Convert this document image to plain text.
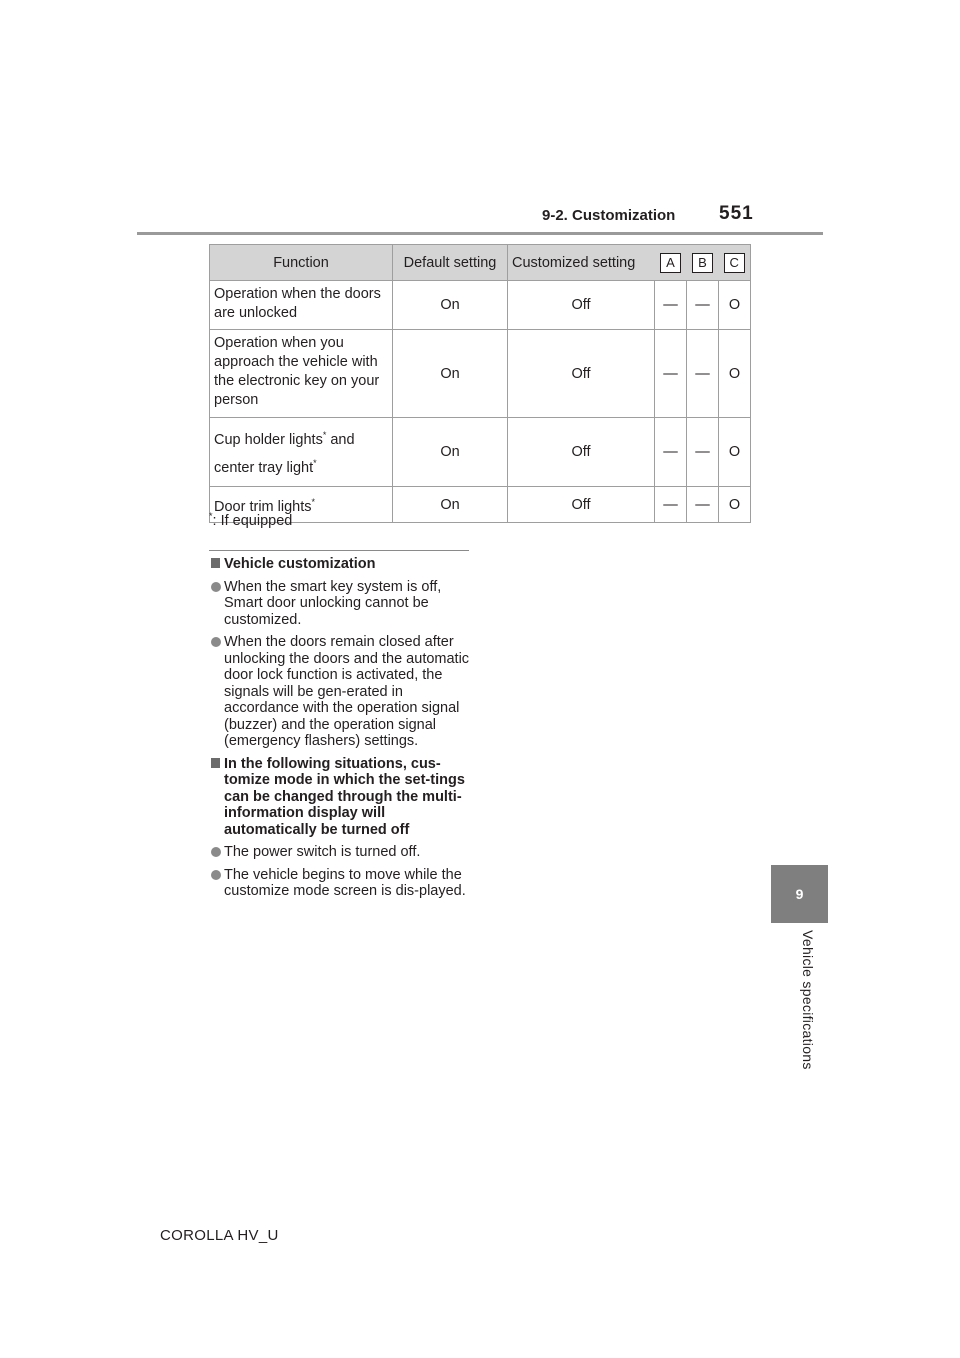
9-2. Customization 551
9
Vehicle specifications
Function	Default setting	Customized setting	A	B	C
Operation when the doors are unlocked	On	Off	—	—	O
Operation when you approach the vehicle with the electronic key on your person	On	Off	—	—	O
Cup holder lights* and center tray light*	On	Off	—	—	O
Door trim lights*	On	Off	—	—	O
*: If equipped
Vehicle customization
When the smart key system is off, Smart door unlocking cannot be customized.
When the doors remain closed after unlocking the doors and the automatic door lock function is activated, the signals will be gen-erated in accordance with the operation signal (buzzer) and the operation signal (emergency flashers) settings.
In the following situations, cus-tomize mode in which the set-tings can be changed through the multi-information display will automatically be turned off
The power switch is turned off.
The vehicle begins to move while the customize mode screen is dis-played.
COROLLA HV_U
